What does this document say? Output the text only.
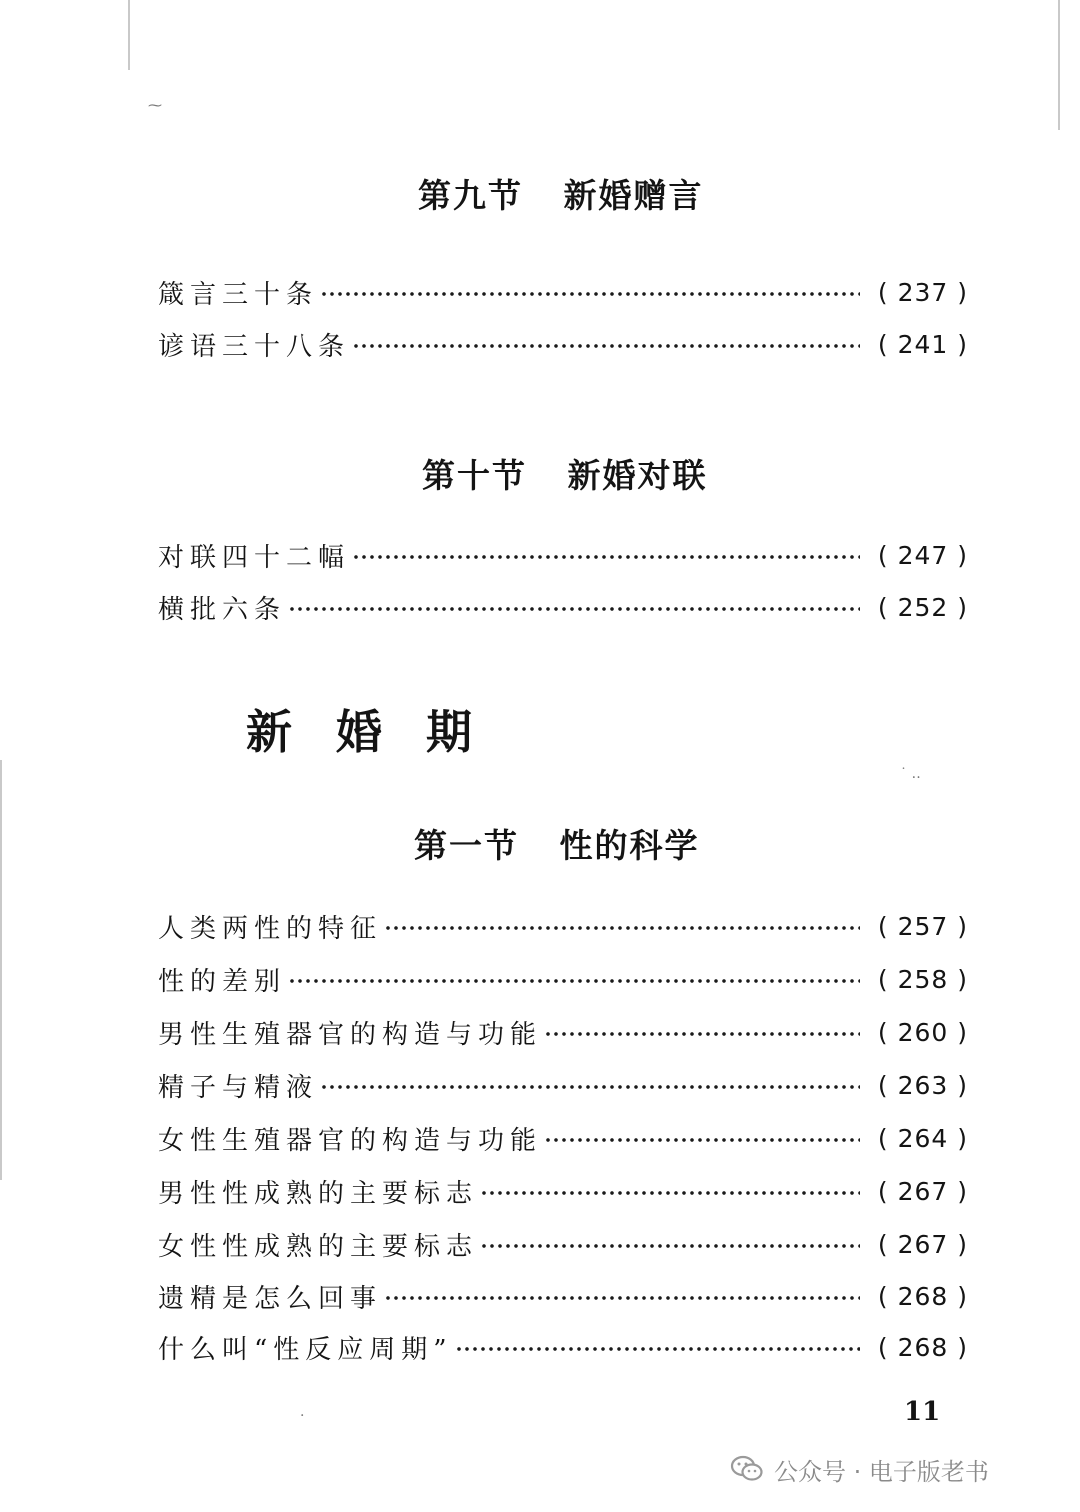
⁓
第九节   新婚赠言
箴言三十条	( 237 )
谚语三十八条	( 241 )
第十节   新婚对联
对联四十二幅	( 247 )
横批六条	( 252 )
新  婚  期
˙ ‥
第一节   性的科学
人类两性的特征	( 257 )
性的差别	( 258 )
男性生殖器官的构造与功能	( 260 )
精子与精液	( 263 )
女性生殖器官的构造与功能	( 264 )
男性性成熟的主要标志	( 267 )
女性性成熟的主要标志	( 267 )
遗精是怎么回事	( 268 )
什么叫“性反应周期”	( 268 )
·	11
公众号 · 电子版老书
